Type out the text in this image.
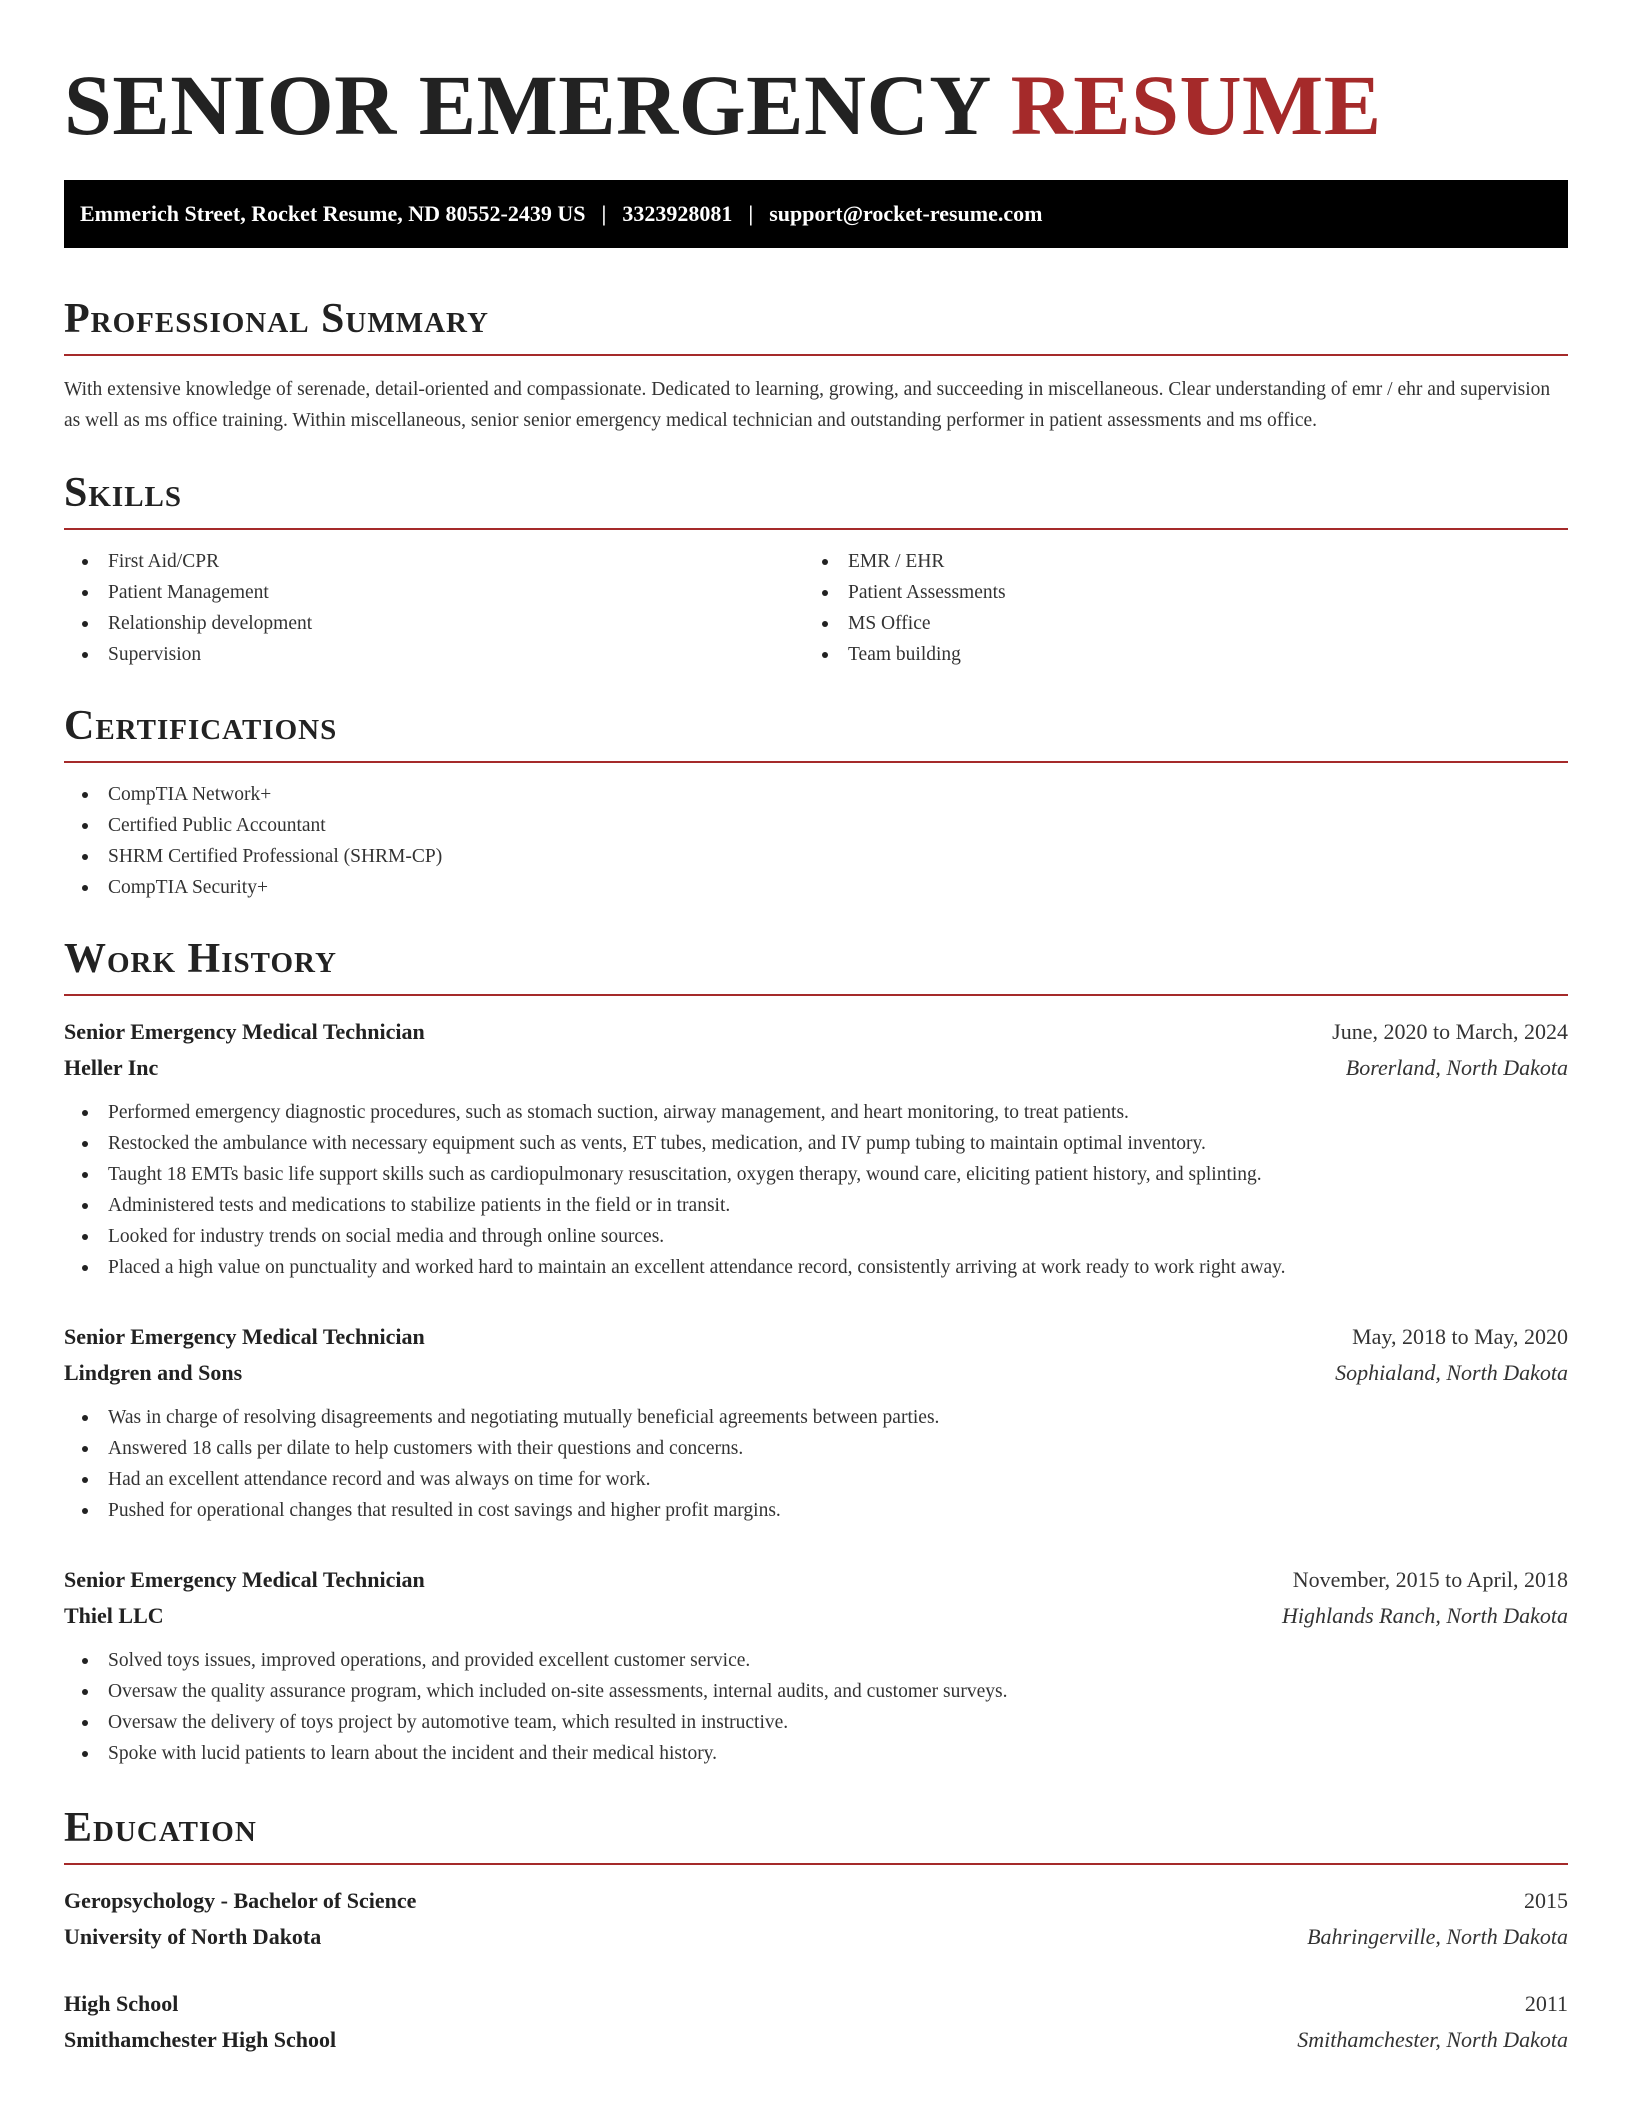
SENIOR EMERGENCY RESUME
Emmerich Street, Rocket Resume, ND 80552-2439 US | 3323928081 | support@rocket-resume.com
Professional Summary

With extensive knowledge of serenade, detail-oriented and compassionate. Dedicated to learning, growing, and succeeding in miscellaneous. Clear understanding of emr / ehr and supervision as well as ms office training. Within miscellaneous, senior senior emergency medical technician and outstanding performer in patient assessments and ms office.

Skills
First Aid/CPR
Patient Management
Relationship development
Supervision
EMR / EHR
Patient Assessments
MS Office
Team building
Certifications
CompTIA Network+
Certified Public Accountant
SHRM Certified Professional (SHRM-CP)
CompTIA Security+
Work History
Senior Emergency Medical Technician	June, 2020 to March, 2024
Heller Inc	Borerland, North Dakota
Performed emergency diagnostic procedures, such as stomach suction, airway management, and heart monitoring, to treat patients.
Restocked the ambulance with necessary equipment such as vents, ET tubes, medication, and IV pump tubing to maintain optimal inventory.
Taught 18 EMTs basic life support skills such as cardiopulmonary resuscitation, oxygen therapy, wound care, eliciting patient history, and splinting.
Administered tests and medications to stabilize patients in the field or in transit.
Looked for industry trends on social media and through online sources.
Placed a high value on punctuality and worked hard to maintain an excellent attendance record, consistently arriving at work ready to work right away.
Senior Emergency Medical Technician	May, 2018 to May, 2020
Lindgren and Sons	Sophialand, North Dakota
Was in charge of resolving disagreements and negotiating mutually beneficial agreements between parties.
Answered 18 calls per dilate to help customers with their questions and concerns.
Had an excellent attendance record and was always on time for work.
Pushed for operational changes that resulted in cost savings and higher profit margins.
Senior Emergency Medical Technician	November, 2015 to April, 2018
Thiel LLC	Highlands Ranch, North Dakota
Solved toys issues, improved operations, and provided excellent customer service.
Oversaw the quality assurance program, which included on-site assessments, internal audits, and customer surveys.
Oversaw the delivery of toys project by automotive team, which resulted in instructive.
Spoke with lucid patients to learn about the incident and their medical history.
Education
Geropsychology - Bachelor of Science	2015
University of North Dakota	Bahringerville, North Dakota
High School	2011
Smithamchester High School	Smithamchester, North Dakota
